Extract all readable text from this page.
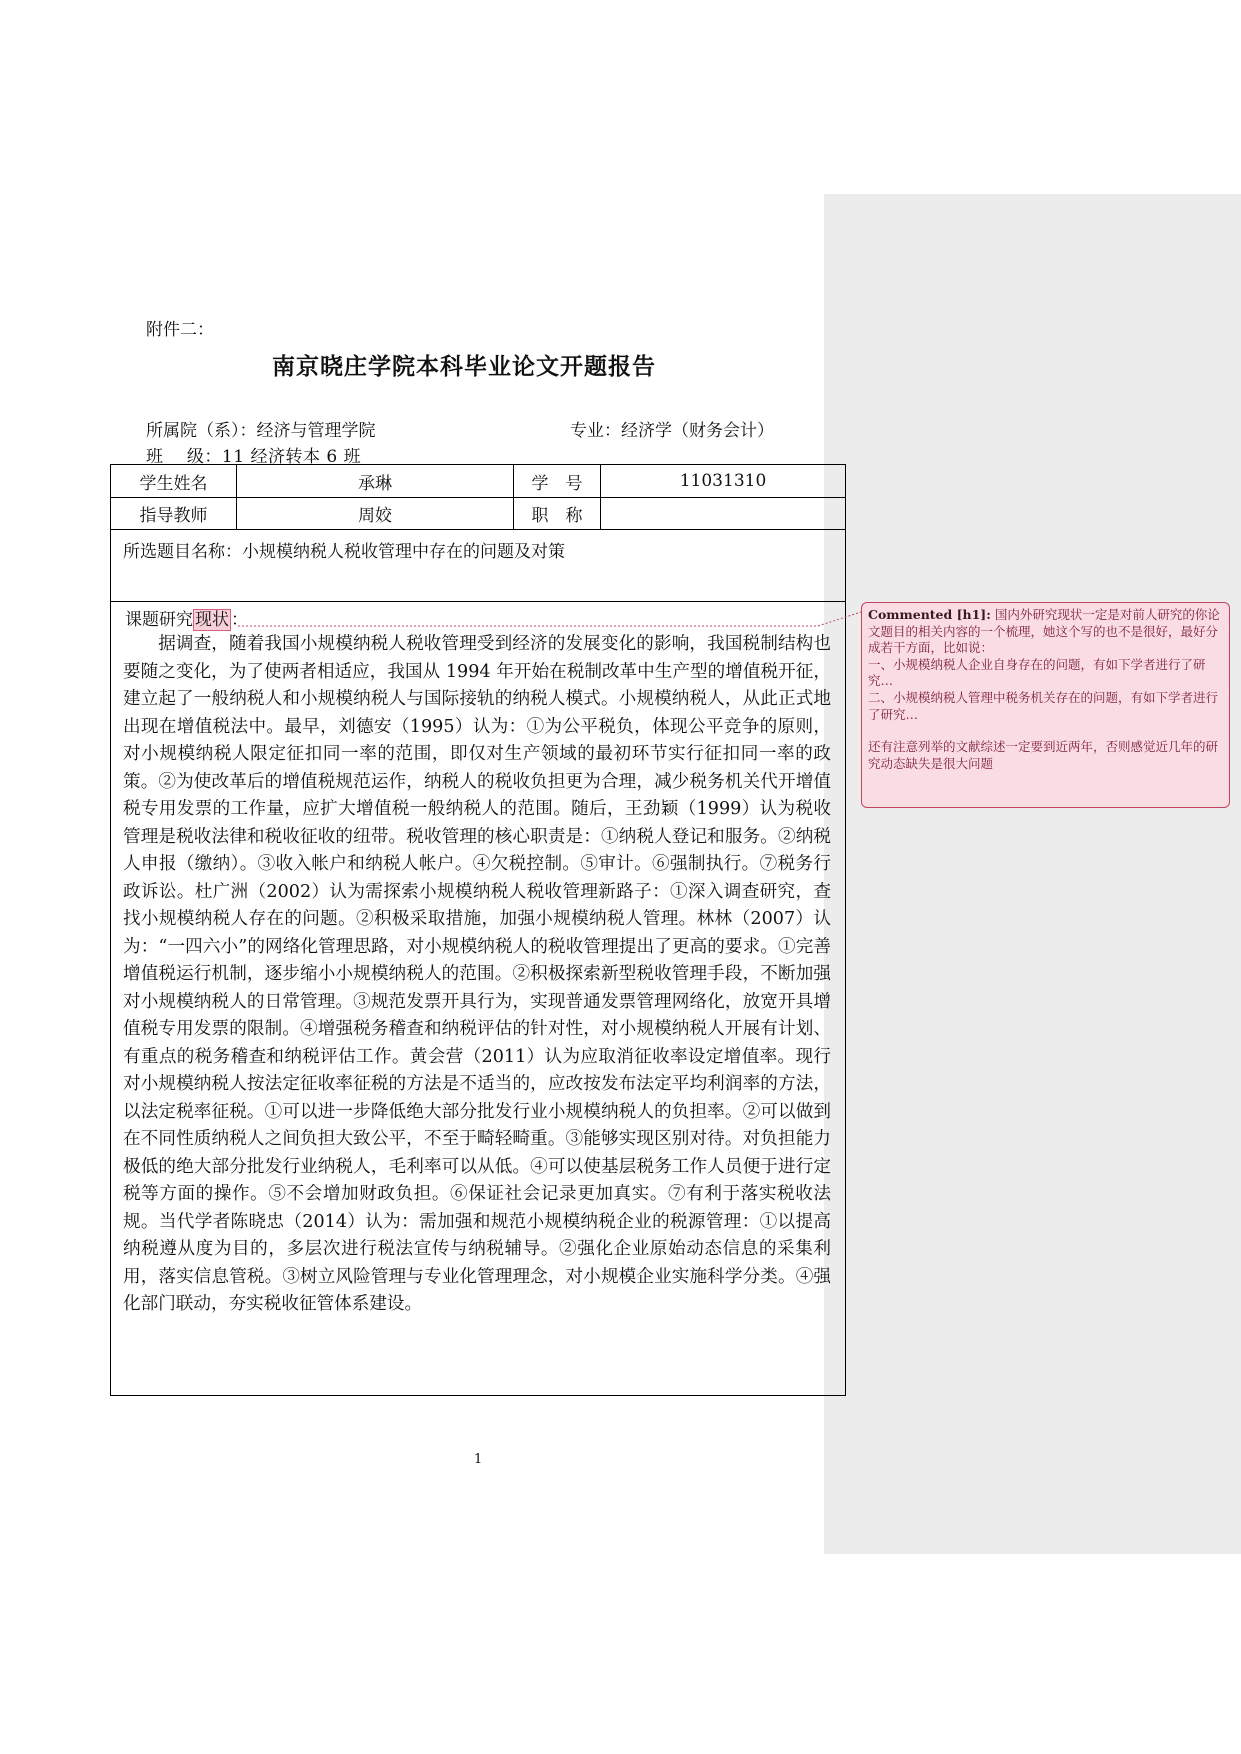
附件二：
南京晓庄学院本科毕业论文开题报告
所属院（系）：经济与管理学院	专业：经济学（财务会计）
班　 级：11 经济转本 6 班
学生姓名	承琳	学　号	11031310
指导教师	周姣	职　称
所选题目名称：小规模纳税人税收管理中存在的问题及对策
课题研究 现状 ：
据调查，随着我国小规模纳税人税收管理受到经济的发展变化的影响，我国税制结构也要随之变化，为了使两者相适应，我国从 1994 年开始在税制改革中生产型的增值税开征，建立起了一般纳税人和小规模纳税人与国际接轨的纳税人模式。小规模纳税人，从此正式地出现在增值税法中。最早，刘德安（1995）认为：①为公平税负，体现公平竞争的原则，对小规模纳税人限定征扣同一率的范围，即仅对生产领域的最初环节实行征扣同一率的政策。②为使改革后的增值税规范运作，纳税人的税收负担更为合理，减少税务机关代开增值税专用发票的工作量，应扩大增值税一般纳税人的范围。随后，王劲颖（1999）认为税收管理是税收法律和税收征收的纽带。税收管理的核心职责是：①纳税人登记和服务。②纳税人申报（缴纳）。③收入帐户和纳税人帐户。④欠税控制。⑤审计。⑥强制执行。⑦税务行政诉讼。杜广洲（2002）认为需探索小规模纳税人税收管理新路子：①深入调查研究，查找小规模纳税人存在的问题。②积极采取措施，加强小规模纳税人管理。林林（2007）认为：“一四六小”的网络化管理思路，对小规模纳税人的税收管理提出了更高的要求。①完善增值税运行机制，逐步缩小小规模纳税人的范围。②积极探索新型税收管理手段，不断加强对小规模纳税人的日常管理。③规范发票开具行为，实现普通发票管理网络化，放宽开具增值税专用发票的限制。④增强税务稽查和纳税评估的针对性，对小规模纳税人开展有计划、有重点的税务稽查和纳税评估工作。黄会营（2011）认为应取消征收率设定增值率。现行对小规模纳税人按法定征收率征税的方法是不适当的，应改按发布法定平均利润率的方法，以法定税率征税。①可以进一步降低绝大部分批发行业小规模纳税人的负担率。②可以做到在不同性质纳税人之间负担大致公平，不至于畸轻畸重。③能够实现区别对待。对负担能力极低的绝大部分批发行业纳税人，毛利率可以从低。④可以使基层税务工作人员便于进行定税等方面的操作。⑤不会增加财政负担。⑥保证社会记录更加真实。⑦有利于落实税收法规。当代学者陈晓忠（2014）认为：需加强和规范小规模纳税企业的税源管理：①以提高纳税遵从度为目的，多层次进行税法宣传与纳税辅导。②强化企业原始动态信息的采集利用，落实信息管税。③树立风险管理与专业化管理理念，对小规模企业实施科学分类。④强化部门联动，夯实税收征管体系建设。

Commented [h1]: 国内外研究现状一定是对前人研究的你论文题目的相关内容的一个梳理，她这个写的也不是很好，最好分成若干方面，比如说：

一、小规模纳税人企业自身存在的问题，有如下学者进行了研究…

二、小规模纳税人管理中税务机关存在的问题，有如下学者进行了研究…

还有注意列举的文献综述一定要到近两年，否则感觉近几年的研究动态缺失是很大问题

1
